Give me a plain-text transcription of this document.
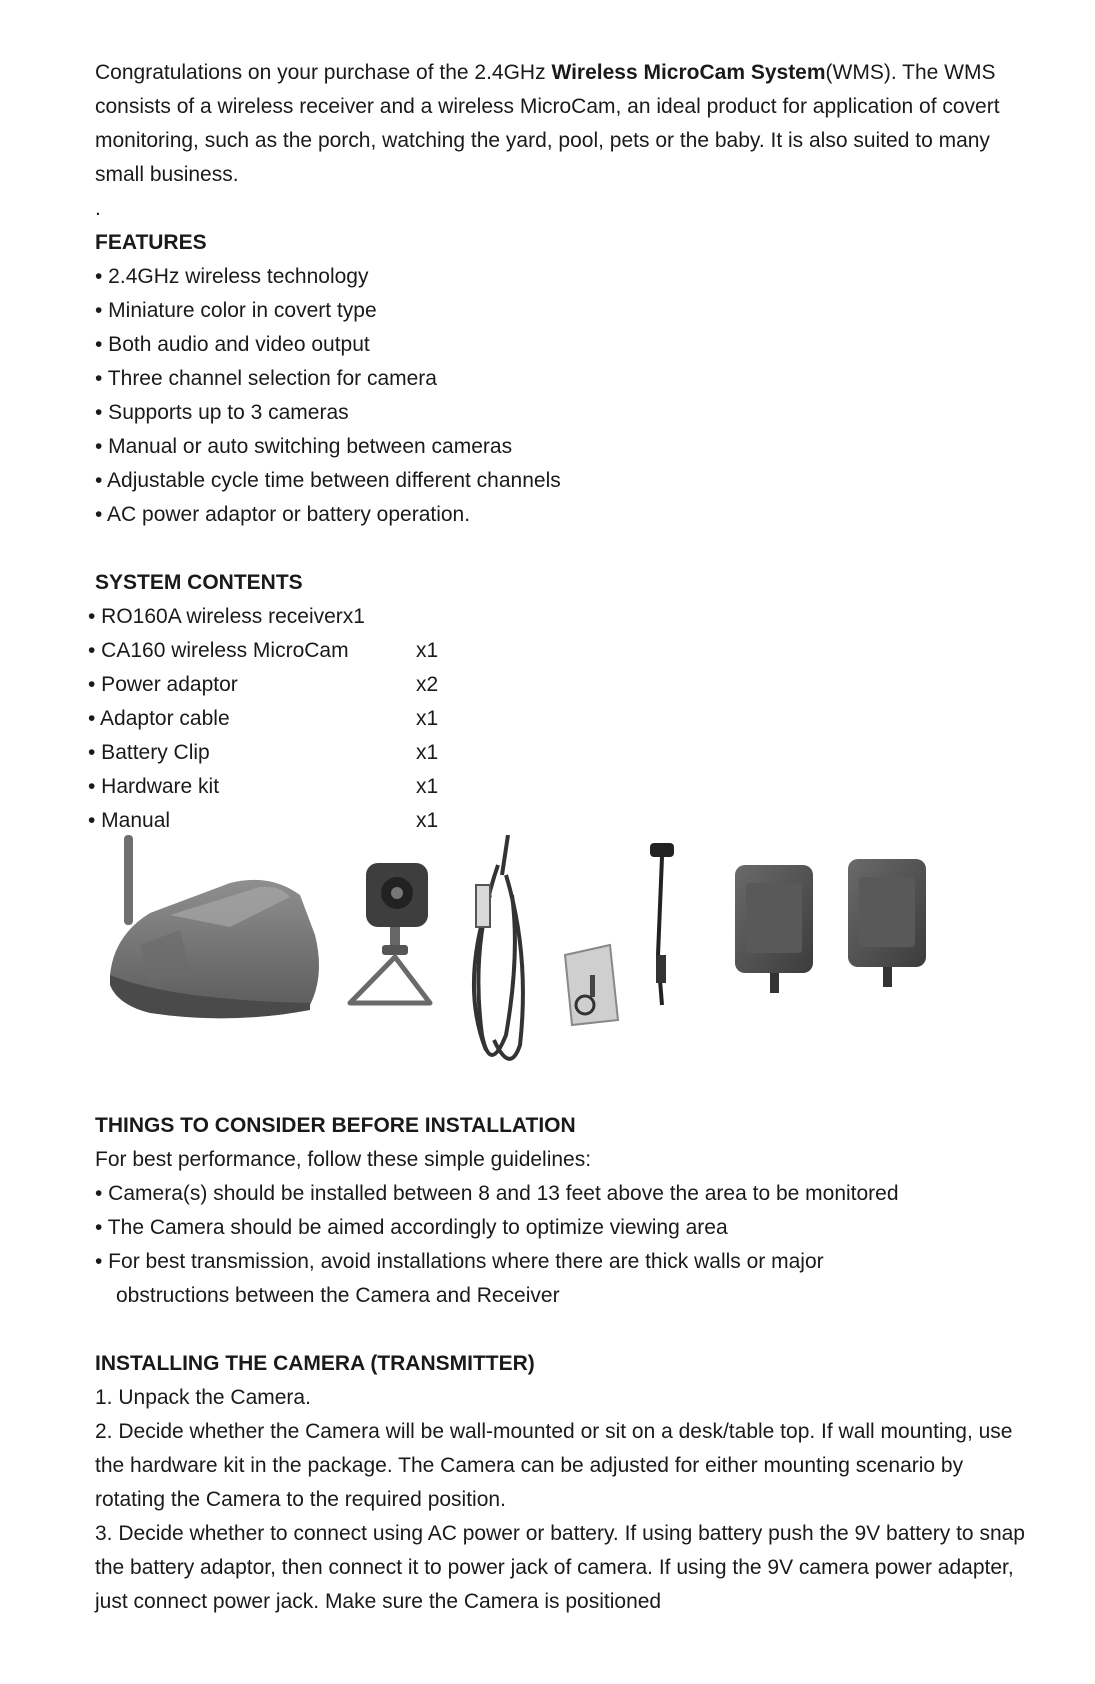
Congratulations on your purchase of the 2.4GHz Wireless MicroCam System(WMS). The WMS consists of a wireless receiver and a wireless MicroCam, an ideal product for application of covert monitoring, such as the porch, watching the yard, pool, pets or the baby. It is also suited to many small business.

.
FEATURES
• 2.4GHz wireless technology
• Miniature color in covert type
• Both audio and video output
• Three channel selection for camera
• Supports up to 3 cameras
• Manual or auto switching between cameras
• Adjustable cycle time between different channels
• AC power adaptor or battery operation.
SYSTEM CONTENTS
• RO160A wireless receiver x1
• CA160 wireless MicroCam	x1
• Power adaptor	x2
• Adaptor cable	x1
• Battery Clip	x1
• Hardware kit	x1
• Manual	x1
THINGS TO CONSIDER BEFORE INSTALLATION

For best performance, follow these simple guidelines:

• Camera(s) should be installed between 8 and 13 feet above the area to be monitored
• The Camera should be aimed accordingly to optimize viewing area
• For best transmission, avoid installations where there are thick walls or major
obstructions between the Camera and Receiver
INSTALLING THE CAMERA (TRANSMITTER)

1. Unpack the Camera.

2. Decide whether the Camera will be wall-mounted or sit on a desk/table top. If wall mounting, use the hardware kit in the package. The Camera can be adjusted for either mounting scenario by rotating the Camera to the required position.

3. Decide whether to connect using AC power or battery. If using battery push the 9V battery to snap the battery adaptor, then connect it to power jack of camera. If using the 9V camera power adapter, just connect power jack. Make sure the Camera is positioned
